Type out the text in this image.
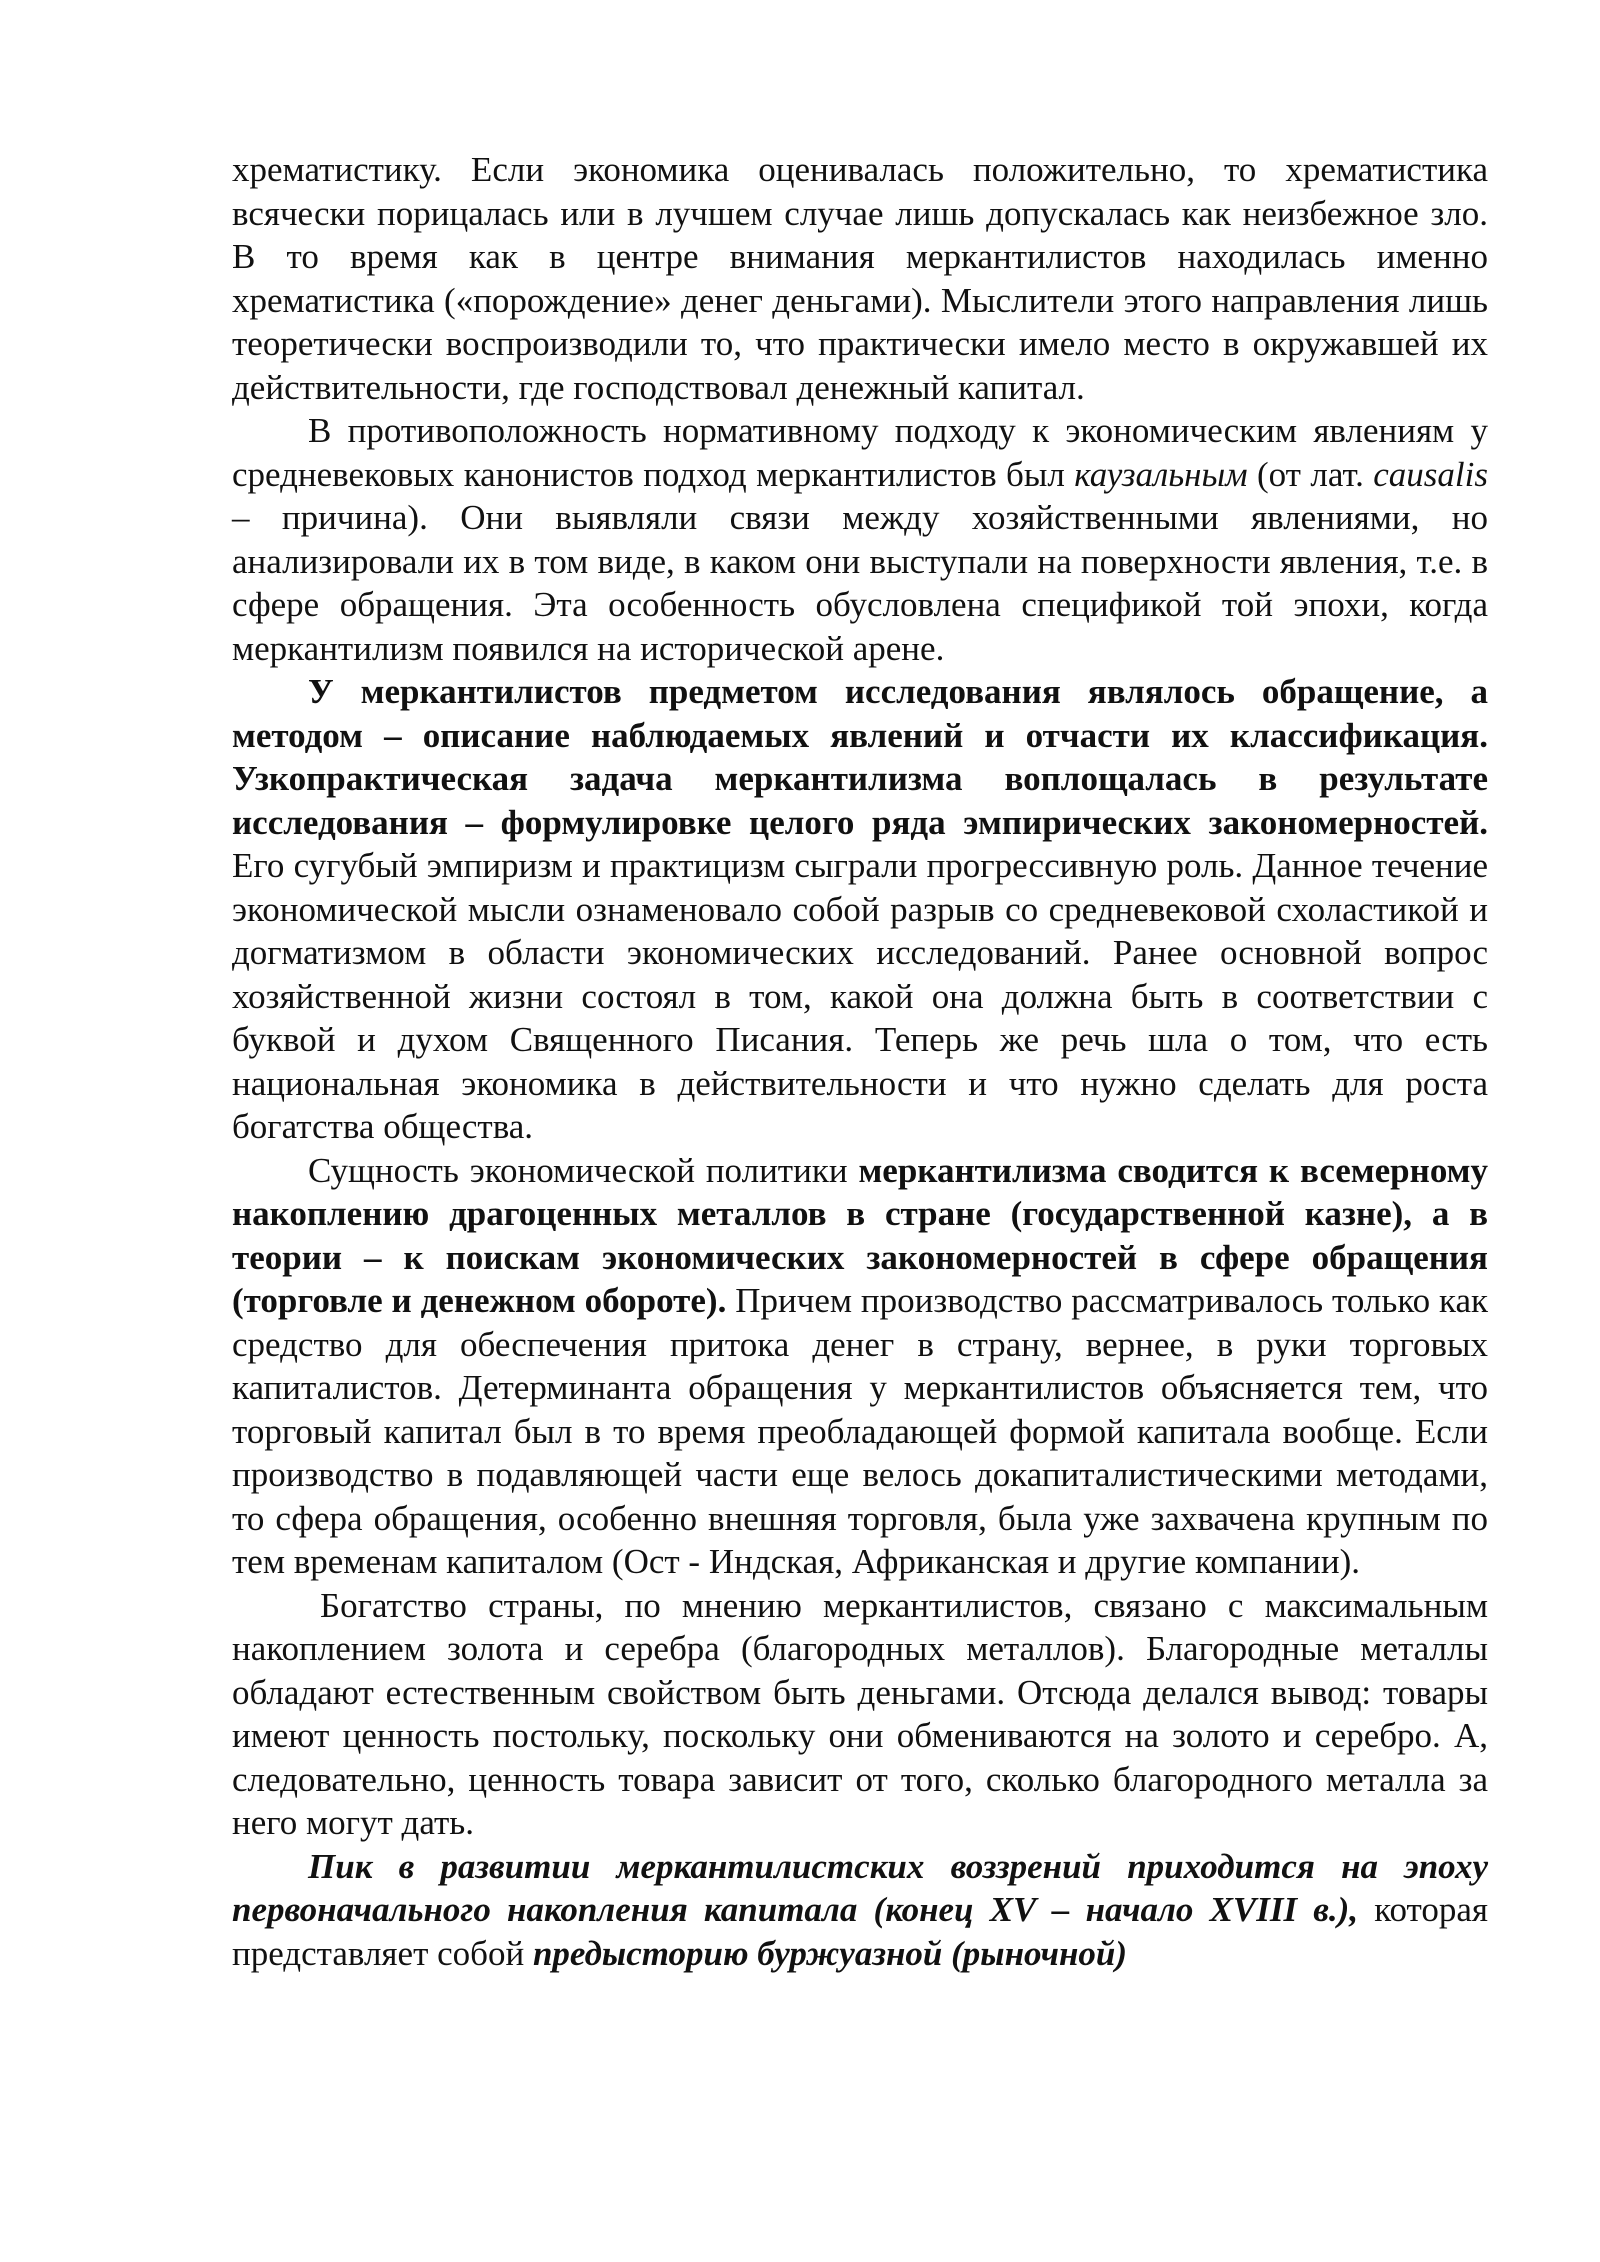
хрематистику. Если экономика оценивалась положительно, то хрематистика всячески порицалась или в лучшем случае лишь допускалась как неизбежное зло. В то время как в центре внимания меркантилистов находилась именно хрематистика («порождение» денег деньгами). Мыслители этого направления лишь теоретически воспроизводили то, что практически имело место в окружавшей их действительности, где господствовал денежный капитал.

В противоположность нормативному подходу к экономическим явлениям у средневековых канонистов подход меркантилистов был каузальным (от лат. causalis – причина). Они выявляли связи между хозяйственными явлениями, но анализировали их в том виде, в каком они выступали на поверхности явления, т.е. в сфере обращения. Эта особенность обусловлена спецификой той эпохи, когда меркантилизм появился на исторической арене.

У меркантилистов предметом исследования являлось обращение, а методом – описание наблюдаемых явлений и отчасти их классификация. Узкопрактическая задача меркантилизма воплощалась в результате исследования – формулировке целого ряда эмпирических закономерностей. Его сугубый эмпиризм и практицизм сыграли прогрессивную роль. Данное течение экономической мысли ознаменовало собой разрыв со средневековой схоластикой и догматизмом в области экономических исследований. Ранее основной вопрос хозяйственной жизни состоял в том, какой она должна быть в соответствии с буквой и духом Священного Писания. Теперь же речь шла о том, что есть национальная экономика в действительности и что нужно сделать для роста богатства общества.

Сущность экономической политики меркантилизма сводится к всемерному накоплению драгоценных металлов в стране (государственной казне), а в теории – к поискам экономических закономерностей в сфере обращения (торговле и денежном обороте). Причем производство рассматривалось только как средство для обеспечения притока денег в страну, вернее, в руки торговых капиталистов. Детерминанта обращения у меркантилистов объясняется тем, что торговый капитал был в то время преобладающей формой капитала вообще. Если производство в подавляющей части еще велось докапиталистическими методами, то сфера обращения, особенно внешняя торговля, была уже захвачена крупным по тем временам капиталом (Ост - Индская, Африканская и другие компании).

Богатство страны, по мнению меркантилистов, связано с максимальным накоплением золота и серебра (благородных металлов). Благородные металлы обладают естественным свойством быть деньгами. Отсюда делался вывод: товары имеют ценность постольку, поскольку они обмениваются на золото и серебро. А, следовательно, ценность товара зависит от того, сколько благородного металла за него могут дать.

Пик в развитии меркантилистских воззрений приходится на эпоху первоначального накопления капитала (конец XV – начало XVIII в.), которая представляет собой предысторию буржуазной (рыночной)
